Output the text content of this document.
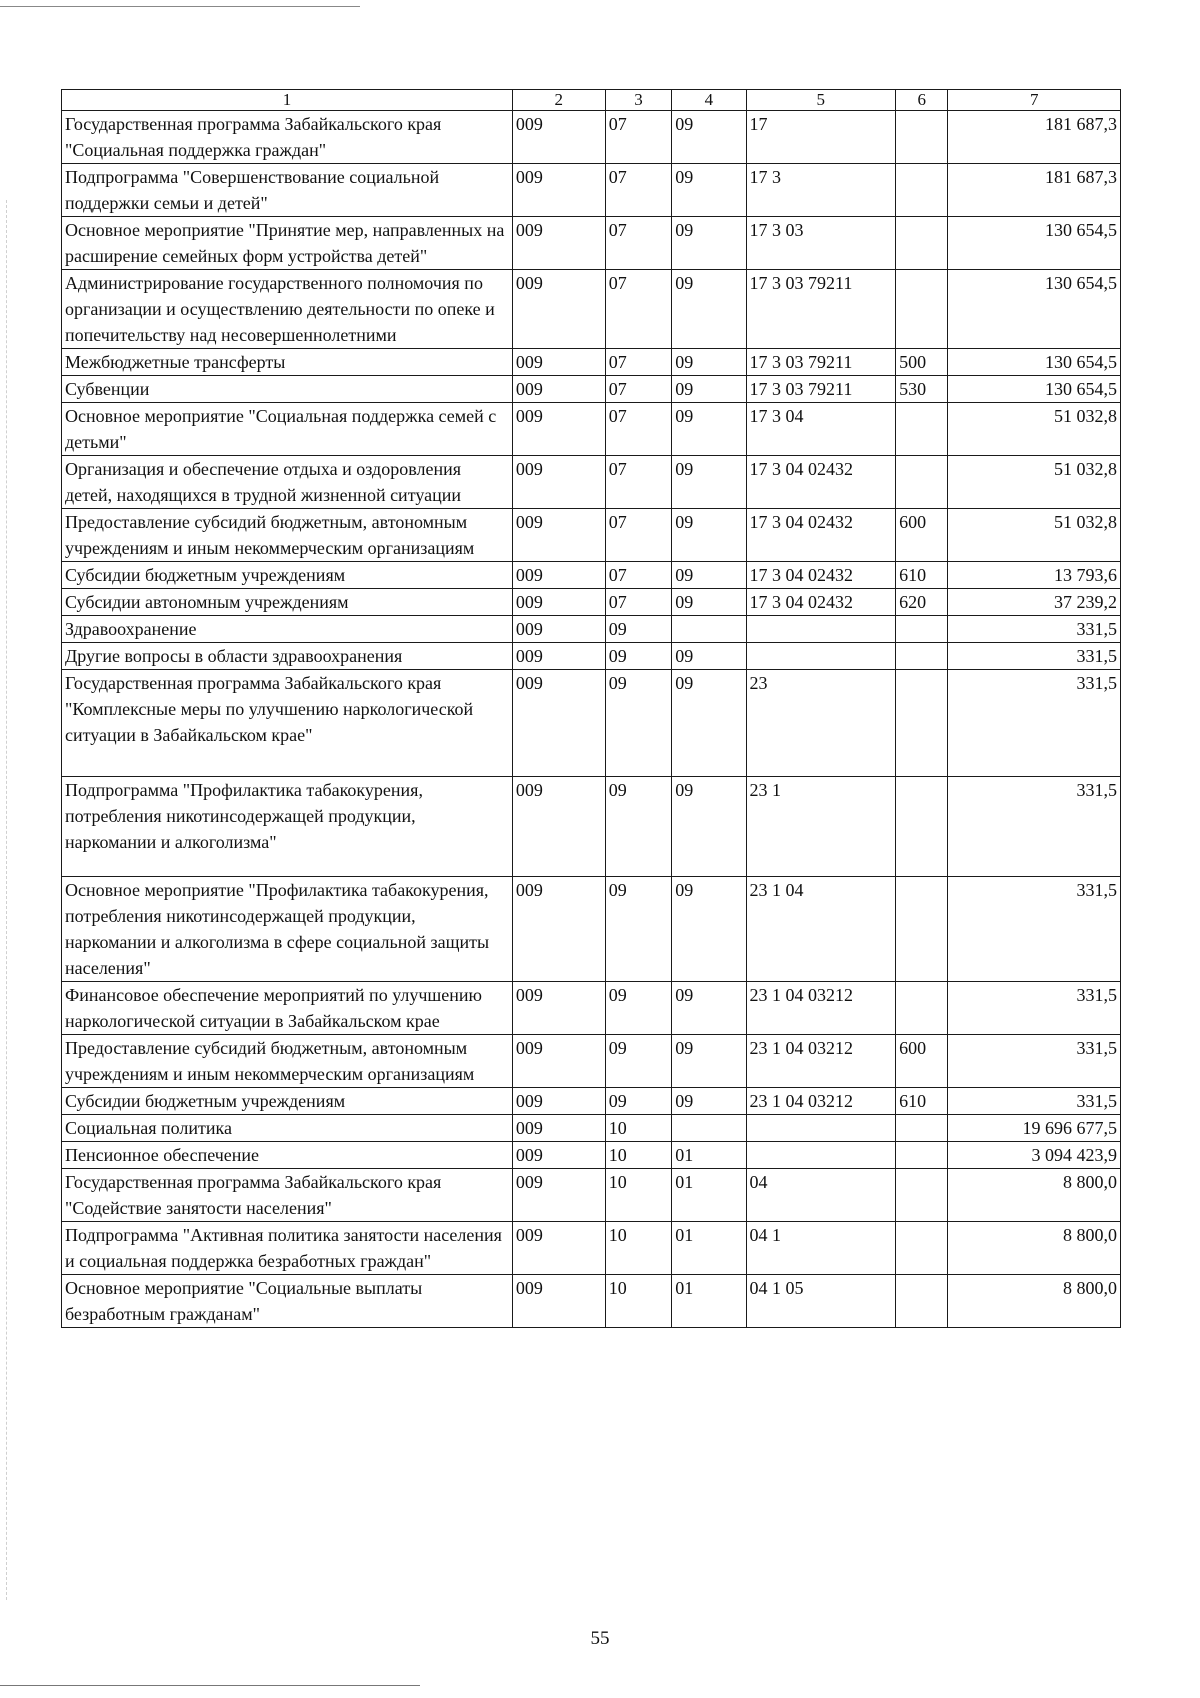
1	2	3	4	5	6	7
Государственная программа Забайкальского края "Социальная поддержка граждан"	009	07	09	17		181 687,3
Подпрограмма "Совершенствование социальной поддержки семьи и детей"	009	07	09	17 3		181 687,3
Основное мероприятие "Принятие мер, направленных на расширение семейных форм устройства детей"	009	07	09	17 3 03		130 654,5
Администрирование государственного полномочия по организации и осуществлению деятельности по опеке и попечительству над несовершеннолетними	009	07	09	17 3 03 79211		130 654,5
Межбюджетные трансферты	009	07	09	17 3 03 79211	500	130 654,5
Субвенции	009	07	09	17 3 03 79211	530	130 654,5
Основное мероприятие "Социальная поддержка семей с детьми"	009	07	09	17 3 04		51 032,8
Организация и обеспечение отдыха и оздоровления детей, находящихся в трудной жизненной ситуации	009	07	09	17 3 04 02432		51 032,8
Предоставление субсидий бюджетным, автономным учреждениям и иным некоммерческим организациям	009	07	09	17 3 04 02432	600	51 032,8
Субсидии бюджетным учреждениям	009	07	09	17 3 04 02432	610	13 793,6
Субсидии автономным учреждениям	009	07	09	17 3 04 02432	620	37 239,2
Здравоохранение	009	09				331,5
Другие вопросы в области здравоохранения	009	09	09			331,5
Государственная программа Забайкальского края "Комплексные меры по улучшению наркологической ситуации в Забайкальском крае"	009	09	09	23		331,5
Подпрограмма "Профилактика табакокурения, потребления никотинсодержащей продукции, наркомании и алкоголизма"	009	09	09	23 1		331,5
Основное мероприятие "Профилактика табакокурения, потребления никотинсодержащей продукции, наркомании и алкоголизма в сфере социальной защиты населения"	009	09	09	23 1 04		331,5
Финансовое обеспечение мероприятий по улучшению наркологической ситуации в Забайкальском крае	009	09	09	23 1 04 03212		331,5
Предоставление субсидий бюджетным, автономным учреждениям и иным некоммерческим организациям	009	09	09	23 1 04 03212	600	331,5
Субсидии бюджетным учреждениям	009	09	09	23 1 04 03212	610	331,5
Социальная политика	009	10				19 696 677,5
Пенсионное обеспечение	009	10	01			3 094 423,9
Государственная программа Забайкальского края "Содействие занятости населения"	009	10	01	04		8 800,0
Подпрограмма "Активная политика занятости населения и социальная поддержка безработных граждан"	009	10	01	04 1		8 800,0
Основное мероприятие "Социальные выплаты безработным гражданам"	009	10	01	04 1 05		8 800,0
55
